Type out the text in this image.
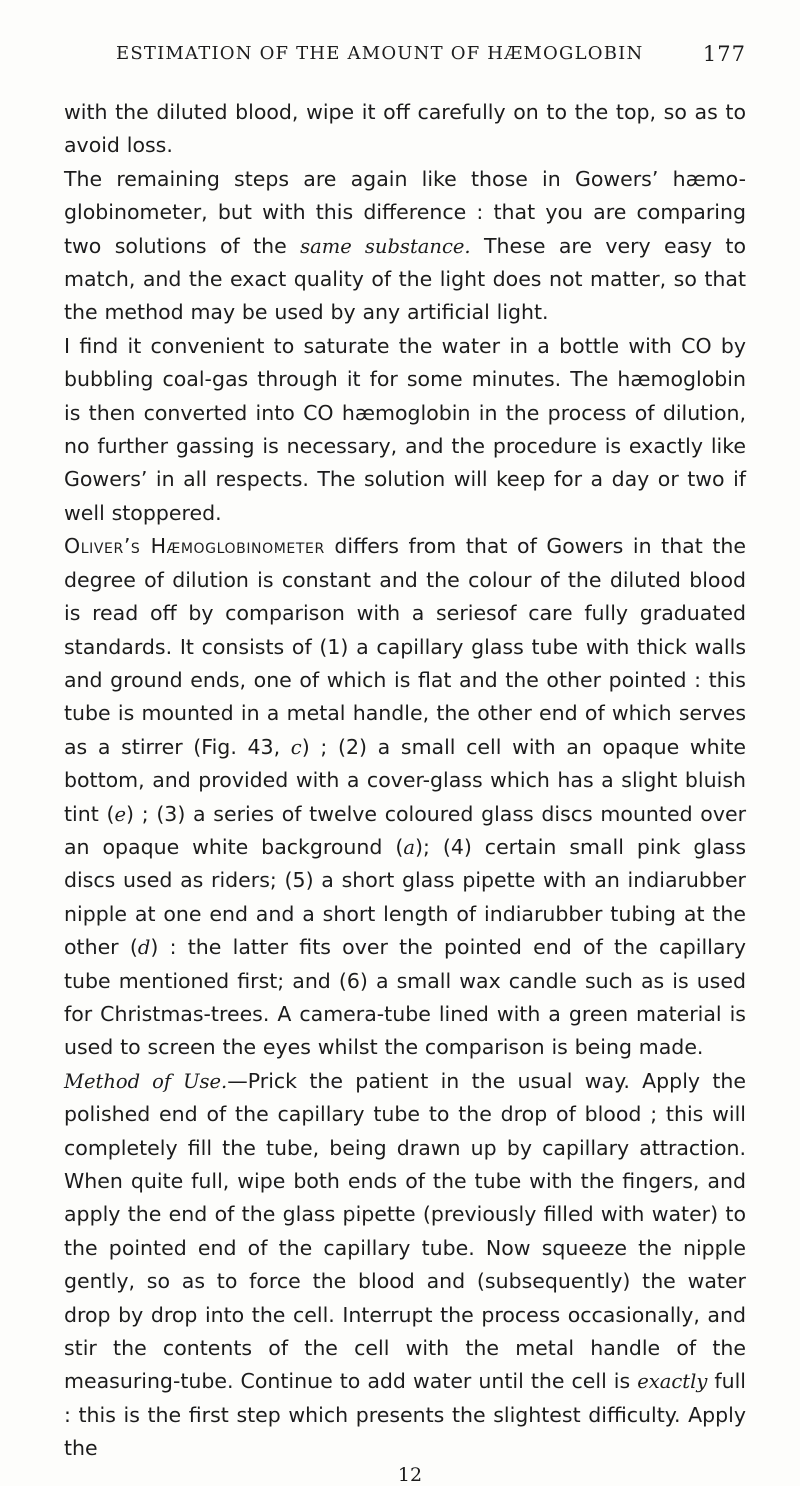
ESTIMATION OF THE AMOUNT OF HÆMOGLOBIN	177

with the diluted blood, wipe it off carefully on to the top, so as to avoid loss.

The remaining steps are again like those in Gowers’ hæmo-globinometer, but with this difference : that you are comparing two solutions of the same substance. These are very easy to match, and the exact quality of the light does not matter, so that the method may be used by any artificial light.

I find it convenient to saturate the water in a bottle with CO by bubbling coal-gas through it for some minutes. The hæmoglobin is then converted into CO hæmoglobin in the process of dilution, no further gassing is necessary, and the procedure is exactly like Gowers’ in all respects. The solution will keep for a day or two if well stoppered.

Oliver’s Hæmoglobinometer differs from that of Gowers in that the degree of dilution is constant and the colour of the diluted blood is read off by comparison with a seriesof care fully graduated standards. It consists of (1) a capillary glass tube with thick walls and ground ends, one of which is flat and the other pointed : this tube is mounted in a metal handle, the other end of which serves as a stirrer (Fig. 43, c) ; (2) a small cell with an opaque white bottom, and provided with a cover-glass which has a slight bluish tint (e) ; (3) a series of twelve coloured glass discs mounted over an opaque white background (a); (4) certain small pink glass discs used as riders; (5) a short glass pipette with an indiarubber nipple at one end and a short length of indiarubber tubing at the other (d) : the latter fits over the pointed end of the capillary tube mentioned first; and (6) a small wax candle such as is used for Christmas-trees. A camera-tube lined with a green material is used to screen the eyes whilst the comparison is being made.

Method of Use.—Prick the patient in the usual way. Apply the polished end of the capillary tube to the drop of blood ; this will completely fill the tube, being drawn up by capillary attraction. When quite full, wipe both ends of the tube with the fingers, and apply the end of the glass pipette (previously filled with water) to the pointed end of the capillary tube. Now squeeze the nipple gently, so as to force the blood and (subsequently) the water drop by drop into the cell. Interrupt the process occasionally, and stir the contents of the cell with the metal handle of the measuring-tube. Continue to add water until the cell is exactly full : this is the first step which presents the slightest difficulty. Apply the

12
